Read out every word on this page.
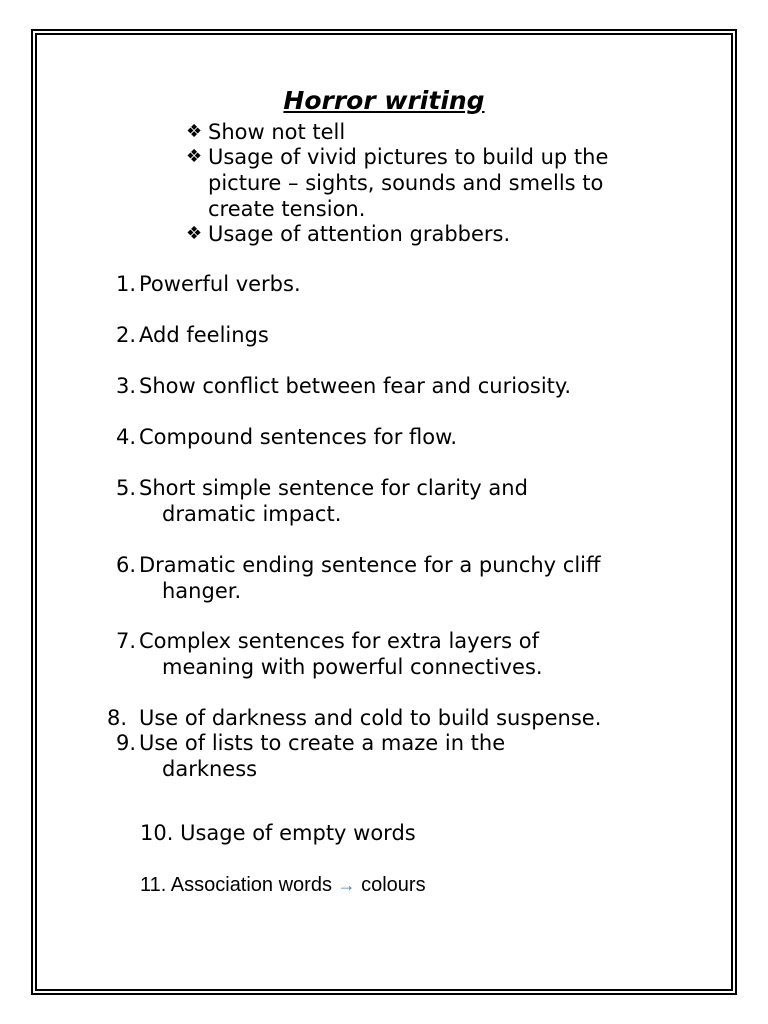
Horror writing
❖ Show not tell
❖ Usage of vivid pictures to build up the picture – sights, sounds and smells to create tension.
❖ Usage of attention grabbers.
1. Powerful verbs.
2. Add feelings
3. Show conflict between fear and curiosity.
4. Compound sentences for flow.
5. Short simple sentence for clarity and
dramatic impact.
6. Dramatic ending sentence for a punchy cliff
hanger.
7. Complex sentences for extra layers of
meaning with powerful connectives.
8. Use of darkness and cold to build suspense.
9. Use of lists to create a maze in the
darkness
10. Usage of empty words
11. Association words → colours
